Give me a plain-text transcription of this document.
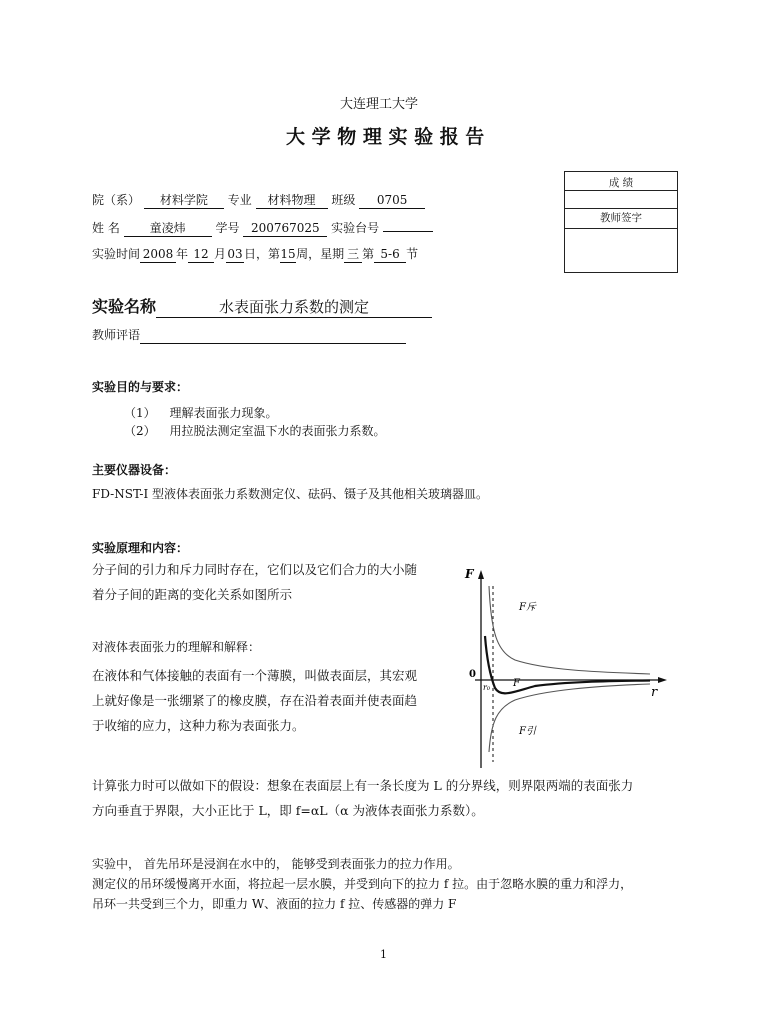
大连理工大学
大 学 物 理 实 验 报 告
成 绩
教师签字
院（系） 材料学院 专业 材料物理 班级 0705
姓 名 童凌炜 学号 200767025 实验台号
实验时间 2008 年 12 月03日，第15周，星期 三 第 5-6 节
实验名称	水表面张力系数的测定
教师评语
实验目的与要求：
（1） 理解表面张力现象。
（2） 用拉脱法测定室温下水的表面张力系数。
主要仪器设备：
FD-NST-I 型液体表面张力系数测定仪、砝码、镊子及其他相关玻璃器皿。
实验原理和内容：
分子间的引力和斥力同时存在，它们以及它们合力的大小随
着分子间的距离的变化关系如图所示
对液体表面张力的理解和解释：
在液体和气体接触的表面有一个薄膜，叫做表面层，其宏观
上就好像是一张绷紧了的橡皮膜，存在沿着表面并使表面趋
于收缩的应力，这种力称为表面张力。
F
r
0
r₀
F斥
F
F引
计算张力时可以做如下的假设：想象在表面层上有一条长度为 L 的分界线，则界限两端的表面张力
方向垂直于界限，大小正比于 L，即 f=αL（α 为液体表面张力系数）。
实验中， 首先吊环是浸润在水中的， 能够受到表面张力的拉力作用。
测定仪的吊环缓慢离开水面，将拉起一层水膜，并受到向下的拉力 f 拉。由于忽略水膜的重力和浮力，
吊环一共受到三个力，即重力 W、液面的拉力 f 拉、传感器的弹力 F
1
